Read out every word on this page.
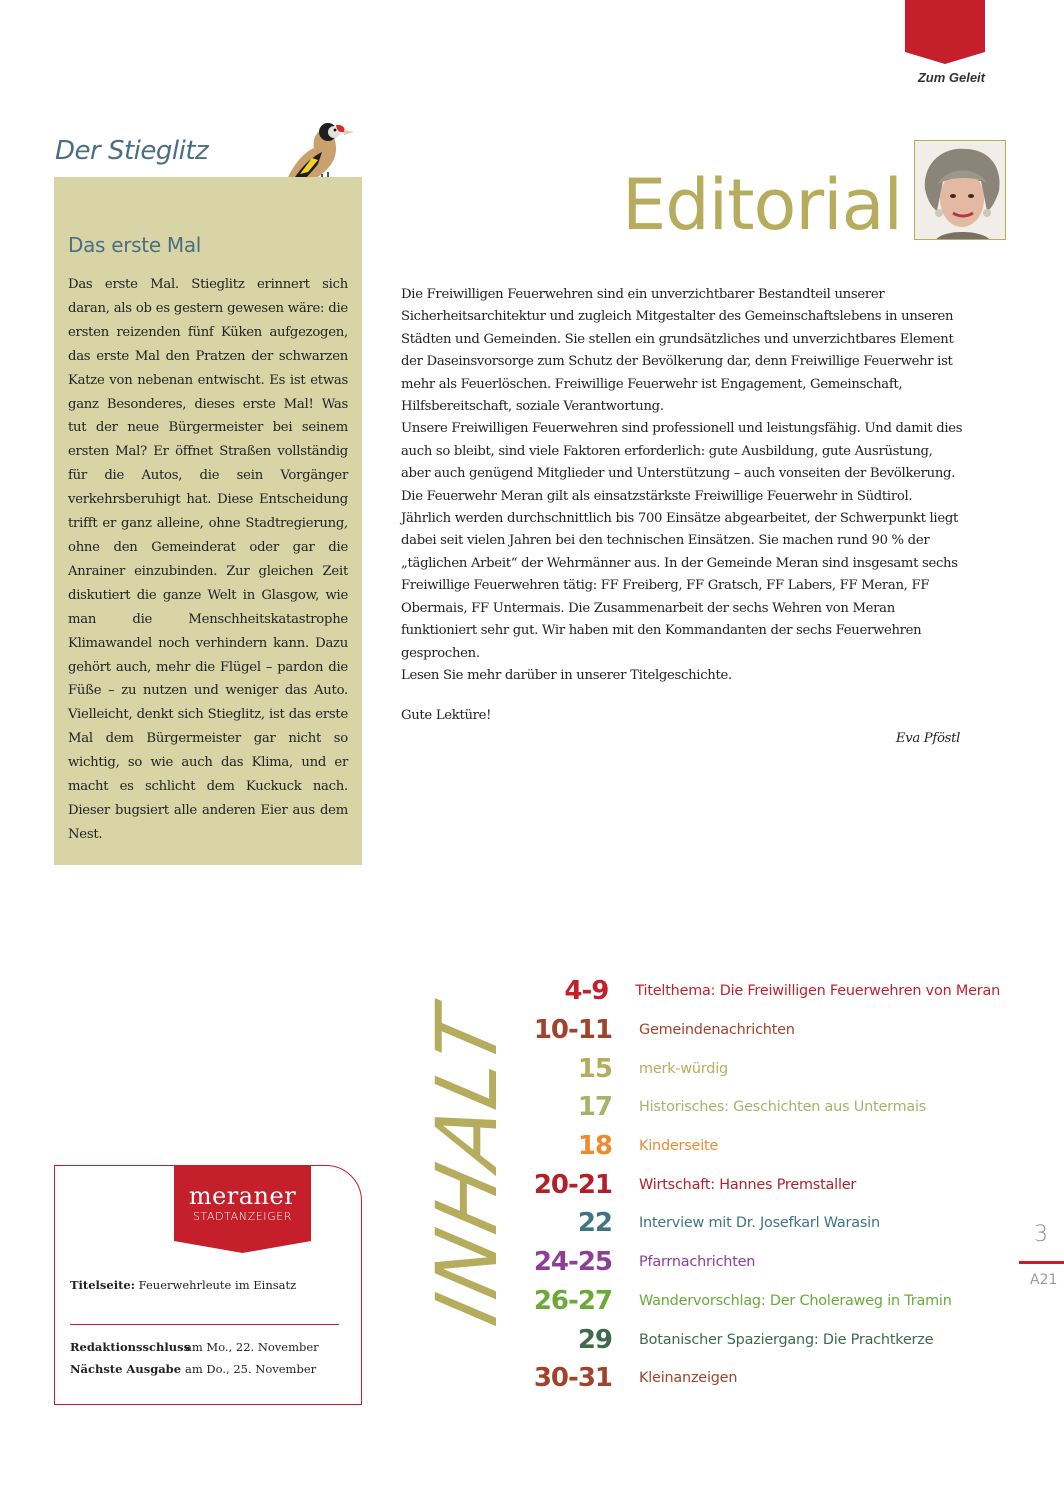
Zum Geleit
Der Stieglitz
Das erste Mal

Das erste Mal. Stieglitz erinnert sich daran, als ob es gestern gewesen wäre: die ersten reizenden fünf Küken aufgezogen, das erste Mal den Pratzen der schwarzen Katze von nebenan entwischt. Es ist etwas ganz Besonderes, dieses erste Mal! Was tut der neue Bürgermeister bei seinem ersten Mal? Er öffnet Straßen vollständig für die Autos, die sein Vorgänger verkehrsberuhigt hat. Diese Entscheidung trifft er ganz alleine, ohne Stadtregierung, ohne den Gemeinderat oder gar die Anrainer einzubinden. Zur gleichen Zeit diskutiert die ganze Welt in Glasgow, wie man die Menschheitskatastrophe Klimawandel noch verhindern kann. Dazu gehört auch, mehr die Flügel – pardon die Füße – zu nutzen und weniger das Auto. Vielleicht, denkt sich Stieglitz, ist das erste Mal dem Bürgermeister gar nicht so wichtig, so wie auch das Klima, und er macht es schlicht dem Kuckuck nach. Dieser bugsiert alle anderen Eier aus dem Nest.

Editorial

Die Freiwilligen Feuerwehren sind ein unverzichtbarer Bestandteil unserer Sicherheitsarchitektur und zugleich Mitgestalter des Gemeinschaftslebens in unseren Städten und Gemeinden. Sie stellen ein grundsätzliches und unverzichtbares Element der Daseinsvorsorge zum Schutz der Bevölkerung dar, denn Freiwillige Feuerwehr ist mehr als Feuerlöschen. Freiwillige Feuerwehr ist Engagement, Gemeinschaft, Hilfsbereitschaft, soziale Verantwortung.

Unsere Freiwilligen Feuerwehren sind professionell und leistungsfähig. Und damit dies auch so bleibt, sind viele Faktoren erforderlich: gute Ausbildung, gute Ausrüstung, aber auch genügend Mitglieder und Unterstützung – auch vonseiten der Bevölkerung.

Die Feuerwehr Meran gilt als einsatzstärkste Freiwillige Feuerwehr in Südtirol. Jährlich werden durchschnittlich bis 700 Einsätze abgearbeitet, der Schwerpunkt liegt dabei seit vielen Jahren bei den technischen Einsätzen. Sie machen rund 90 % der „täglichen Arbeit“ der Wehrmänner aus. In der Gemeinde Meran sind insgesamt sechs Freiwillige Feuerwehren tätig: FF Freiberg, FF Gratsch, FF Labers, FF Meran, FF Obermais, FF Untermais. Die Zusammenarbeit der sechs Wehren von Meran funktioniert sehr gut. Wir haben mit den Kommandanten der sechs Feuerwehren gesprochen.

Lesen Sie mehr darüber in unserer Titelgeschichte.

Gute Lektüre!
Eva Pföstl
INHALT
4-9 Titelthema: Die Freiwilligen Feuerwehren von Meran
10-11 Gemeindenachrichten
15 merk-würdig
17 Historisches: Geschichten aus Untermais
18 Kinderseite
20-21 Wirtschaft: Hannes Premstaller
22 Interview mit Dr. Josefkarl Warasin
24-25 Pfarrnachrichten
26-27 Wandervorschlag: Der Choleraweg in Tramin
29 Botanischer Spaziergang: Die Prachtkerze
30-31 Kleinanzeigen
3
A21
meraner
STADTANZEIGER
Titelseite: Feuerwehrleute im Einsatz
Redaktionsschluss
am Mo., 22. November
Nächste Ausgabe am Do., 25. November
